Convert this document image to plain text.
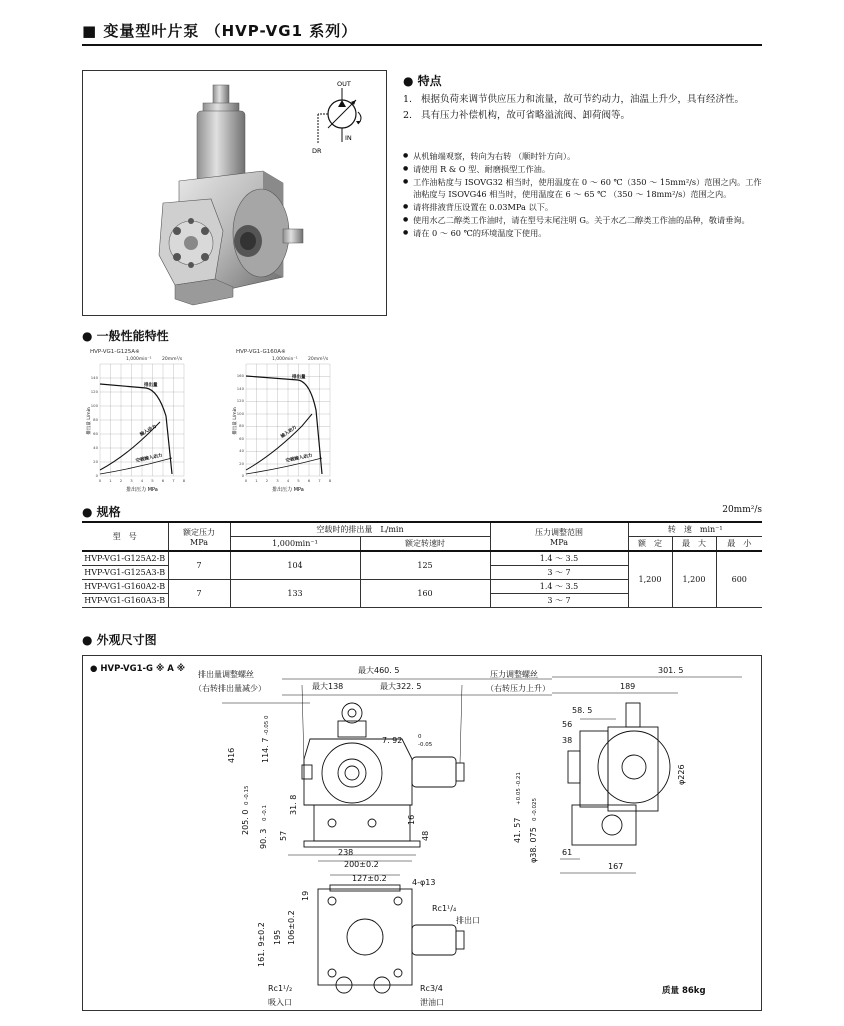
■ 变量型叶片泵 （HVP-VG1 系列）
OUT
IN
DR
● 特点
1. 根据负荷来调节供应压力和流量，故可节约动力，油温上升少，具有经济性。
2. 具有压力补偿机构，故可省略溢流阀、卸荷阀等。
● 从机轴端观察，转向为右转 （顺时针方向）。
● 请使用 R & O 型、耐磨损型工作油。
● 工作油粘度与 ISOVG32 相当时，使用温度在 0 ～ 60 ℃（350 ～ 15mm²/s）范围之内。工作油粘度与 ISOVG46 相当时，使用温度在 6 ～ 65 ℃ （350 ～ 18mm²/s）范围之内。
● 请将排液背压设置在 0.03MPa 以下。
● 使用水乙二醇类工作油时，请在型号末尾注明 G。关于水乙二醇类工作油的品种，敬请垂询。
● 请在 0 ～ 60 ℃的环境温度下使用。
● 一般性能特性
HVP-VG1-G125A※
1,000min⁻¹ 20mm²/s
140
120
100
80
60
40
20
0
0 1 2 3 4 5 6 7 8
排出量
输入动力
空载输入动力
排出量 L/min
排出压力 MPa
HVP-VG1-G160A※
1,000min⁻¹ 20mm²/s
160
140
120
100
80
60
40
20
0
0 1 2 3 4 5 6 7 8
排出量
输入动力
空载输入动力
排出量 L/min
排出压力 MPa
● 规格	20mm²/s
型　号	额定压力
MPa	空载时的排出量　L/min		压力调整范围
MPa	转　速　min⁻¹		
		1,000min⁻¹	额定转速时		额　定	最　大	最　小
HVP-VG1-G125A2-B	7	104	125	1.4 ～ 3.5	1,200	1,200	600
HVP-VG1-G125A3-B				3 ～ 7			
HVP-VG1-G160A2-B	7	133	160	1.4 ～ 3.5			
HVP-VG1-G160A3-B				3 ～ 7			
● 外观尺寸图
● HVP-VG1-G ※ A ※
排出量调整螺丝
（右转排出量减少）
压力调整螺丝
（右转压力上升）
最大460. 5
最大138	最大322. 5
301. 5
189
58. 5
56
38
7. 92	0
-0.05
416	114. 7
-0.05 0
205. 0
0 -0.15
90. 3
0 -0.1	31. 8
57
16
48
238
200±0.2
127±0.2	4-φ13
19
195 106±0.2
161. 9±0.2
Rc1¹/₄
排出口
Rc1¹/₂
吸入口
Rc3/4
泄油口
41. 57
+0.05 -0.21
φ38. 075
0 -0.025
φ226
61
167
质量 86kg
